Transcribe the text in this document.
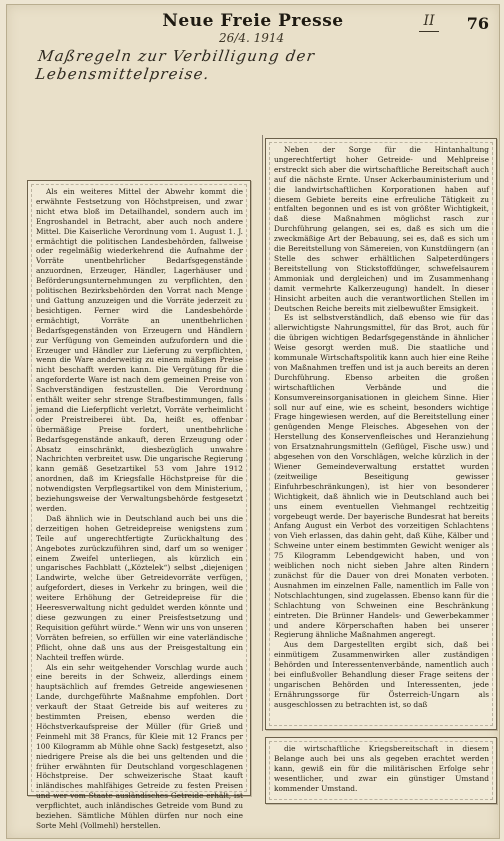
Neue Freie Presse	II 76
26/4. 1914
Maßregeln zur Verbilligung der Lebensmittelpreise.

Als ein weiteres Mittel der Abwehr kommt die erwähnte Festsetzung von Höchstpreisen, und zwar nicht etwa bloß im Detailhandel, sondern auch im Engroshandel in Betracht, aber auch noch andere Mittel. Die Kaiserliche Verordnung vom 1. August 1. J. ermächtigt die politischen Landesbehörden, fallweise oder regelmäßig wiederkehrend die Aufnahme der Vorräte unentbehrlicher Bedarfsgegenstände anzuordnen, Erzeuger, Händler, Lagerhäuser und Beförderungsunternehmungen zu verpflichten, den politischen Bezirksbehörden den Vorrat nach Menge und Gattung anzuzeigen und die Vorräte jederzeit zu besichtigen. Ferner wird die Landesbehörde ermächtigt, Vorräte an unentbehrlichen Bedarfsgegenständen von Erzeugern und Händlern zur Verfügung von Gemeinden aufzufordern und die Erzeuger und Händler zur Lieferung zu verpflichten, wenn die Ware anderweitig zu einem mäßigen Preise nicht beschafft werden kann. Die Vergütung für die angeforderte Ware ist nach dem gemeinen Preise von Sachverständigen festzustellen. Die Verordnung enthält weiter sehr strenge Strafbestimmungen, falls jemand die Lieferpflicht verletzt, Vorräte verheimlicht oder Preistreiberei übt. Da, heißt es, offenbar übermäßige Preise fordert, unentbehrliche Bedarfsgegenstände ankauft, deren Erzeugung oder Absatz einschränkt, diesbezüglich unwahre Nachrichten verbreitet usw. Die ungarische Regierung kann gemäß Gesetzartikel 53 vom Jahre 1912 anordnen, daß im Kriegsfalle Höchstpreise für die notwendigsten Verpflegsartikel von dem Ministerium, beziehungsweise der Verwaltungsbehörde festgesetzt werden.

Daß ähnlich wie in Deutschland auch bei uns die derzeitigen hohen Getreidepreise wenigstens zum Teile auf ungerechtfertigte Zurückhaltung des Angebotes zurückzuführen sind, darf um so weniger einem Zweifel unterliegen, als kürzlich ein ungarisches Fachblatt („Köztelek“) selbst „diejenigen Landwirte, welche über Getreidevorräte verfügen, aufgefordert, dieses in Verkehr zu bringen, weil die weitere Erhöhung der Getreidepreise für die Heeresverwaltung nicht geduldet werden könnte und diese gezwungen zu einer Preisfestsetzung und Requisition geführt würde.“ Wenn wir uns von unseren Vorräten befreien, so erfüllen wir eine vaterländische Pflicht, ohne daß uns aus der Preisgestaltung ein Nachteil treffen würde.

Als ein sehr weitgehender Vorschlag wurde auch eine bereits in der Schweiz, allerdings einem hauptsächlich auf fremdes Getreide angewiesenen Lande, durchgeführte Maßnahme empfohlen. Dort verkauft der Staat Getreide bis auf weiteres zu bestimmten Preisen, ebenso werden die Höchstverkaufspreise der Müller (für Grieß und Feinmehl mit 38 Francs, für Kleie mit 12 Francs per 100 Kilogramm ab Mühle ohne Sack) festgesetzt, also niedrigere Preise als die bei uns geltenden und die früher erwähnten für Deutschland vorgeschlagenen Höchstpreise. Der schweizerische Staat kauft inländisches mahlfähiges Getreide zu festen Preisen und wer vom Staate ausländisches Getreide erhält, ist verpflichtet, auch inländisches Getreide vom Bund zu beziehen. Sämtliche Mühlen dürfen nur noch eine Sorte Mehl (Vollmehl) herstellen.

Neben der Sorge für die Hintanhaltung ungerechtfertigt hoher Getreide- und Mehlpreise erstreckt sich aber die wirtschaftliche Bereitschaft auch auf die nächste Ernte. Unser Ackerbauministerium und die landwirtschaftlichen Korporationen haben auf diesem Gebiete bereits eine erfreuliche Tätigkeit zu entfalten begonnen und es ist von größter Wichtigkeit, daß diese Maßnahmen möglichst rasch zur Durchführung gelangen, sei es, daß es sich um die zweckmäßige Art der Bebauung, sei es, daß es sich um die Bereitstellung von Sämereien, von Kunstdüngern (an Stelle des schwer erhältlichen Salpeterdüngers Bereitstellung von Stickstoffdünger, schwefelsaurem Ammoniak und dergleichen) und im Zusammenhang damit vermehrte Kalkerzeugung) handelt. In dieser Hinsicht arbeiten auch die verantwortlichen Stellen im Deutschen Reiche bereits mit zielbewußter Emsigkeit.

Es ist selbstverständlich, daß ebenso wie für das allerwichtigste Nahrungsmittel, für das Brot, auch für die übrigen wichtigen Bedarfsgegenstände in ähnlicher Weise gesorgt werden muß. Die staatliche und kommunale Wirtschaftspolitik kann auch hier eine Reihe von Maßnahmen treffen und ist ja auch bereits an deren Durchführung. Ebenso arbeiten die großen wirtschaftlichen Verbände und die Konsumvereinsorganisationen in gleichem Sinne. Hier soll nur auf eine, wie es scheint, besonders wichtige Frage hingewiesen werden, auf die Bereitstellung einer genügenden Menge Fleisches. Abgesehen von der Herstellung des Konservenfleisches und Heranziehung von Ersatznahrungsmitteln (Geflügel, Fische usw.) und abgesehen von den Vorschlägen, welche kürzlich in der Wiener Gemeindeverwaltung erstattet wurden (zeitweilige Beseitigung gewisser Einfuhrbeschränkungen), ist hier von besonderer Wichtigkeit, daß ähnlich wie in Deutschland auch bei uns einem eventuellen Viehmangel rechtzeitig vorgebeugt werde. Der bayerische Bundesrat hat bereits Anfang August ein Verbot des vorzeitigen Schlachtens von Vieh erlassen, das dahin geht, daß Kühe, Kälber und Schweine unter einem bestimmten Gewicht weniger als 75 Kilogramm Lebendgewicht haben, und von weiblichen noch nicht sieben Jahre alten Rindern zunächst für die Dauer von drei Monaten verboten. Ausnahmen im einzelnen Falle, namentlich im Falle von Notschlachtungen, sind zugelassen. Ebenso kann für die Schlachtung von Schweinen eine Beschränkung eintreten. Die Brünner Handels- und Gewerbekammer und andere Körperschaften haben bei unserer Regierung ähnliche Maßnahmen angeregt.

Aus dem Dargestellten ergibt sich, daß bei einmütigem Zusammenwirken aller zuständigen Behörden und Interessentenverbände, namentlich auch bei einflußvoller Behandlung dieser Frage seitens der ungarischen Behörden und Interessenten, jede Ernährungssorge für Österreich-Ungarn als ausgeschlossen zu betrachten ist, so daß

die wirtschaftliche Kriegsbereitschaft in diesem Belange auch bei uns als gegeben erachtet werden kann, gewiß ein für die militärischen Erfolge sehr wesentlicher, und zwar ein günstiger Umstand kommender Umstand.
